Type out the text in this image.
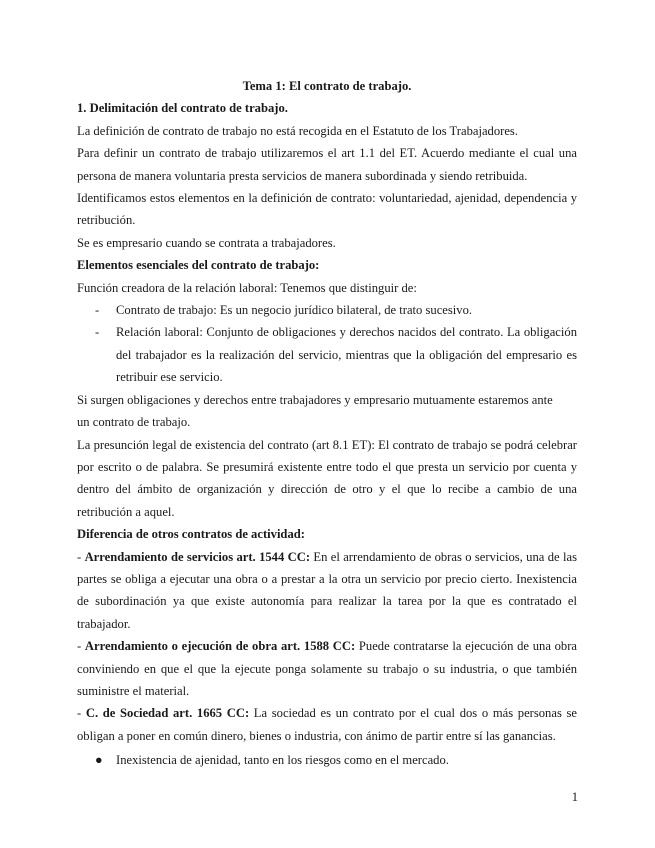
Tema 1: El contrato de trabajo.
1. Delimitación del contrato de trabajo.
La definición de contrato de trabajo no está recogida en el Estatuto de los Trabajadores.
Para definir un contrato de trabajo utilizaremos el art 1.1 del ET. Acuerdo mediante el cual una persona de manera voluntaria presta servicios de manera subordinada y siendo retribuida.
Identificamos estos elementos en la definición de contrato: voluntariedad, ajenidad, dependencia y retribución.
Se es empresario cuando se contrata a trabajadores.
Elementos esenciales del contrato de trabajo:
Función creadora de la relación laboral: Tenemos que distinguir de:
- Contrato de trabajo: Es un negocio jurídico bilateral, de trato sucesivo.
- Relación laboral: Conjunto de obligaciones y derechos nacidos del contrato. La obligación del trabajador es la realización del servicio, mientras que la obligación del empresario es retribuir ese servicio.
Si surgen obligaciones y derechos entre trabajadores y empresario mutuamente estaremos ante
un contrato de trabajo.
La presunción legal de existencia del contrato (art 8.1 ET): El contrato de trabajo se podrá celebrar por escrito o de palabra. Se presumirá existente entre todo el que presta un servicio por cuenta y dentro del ámbito de organización y dirección de otro y el que lo recibe a cambio de una retribución a aquel.
Diferencia de otros contratos de actividad:
- Arrendamiento de servicios art. 1544 CC: En el arrendamiento de obras o servicios, una de las partes se obliga a ejecutar una obra o a prestar a la otra un servicio por precio cierto. Inexistencia de subordinación ya que existe autonomía para realizar la tarea por la que es contratado el trabajador.
- Arrendamiento o ejecución de obra art. 1588 CC: Puede contratarse la ejecución de una obra conviniendo en que el que la ejecute ponga solamente su trabajo o su industria, o que también suministre el material.
- C. de Sociedad art. 1665 CC: La sociedad es un contrato por el cual dos o más personas se obligan a poner en común dinero, bienes o industria, con ánimo de partir entre sí las ganancias.
● Inexistencia de ajenidad, tanto en los riesgos como en el mercado.
1
